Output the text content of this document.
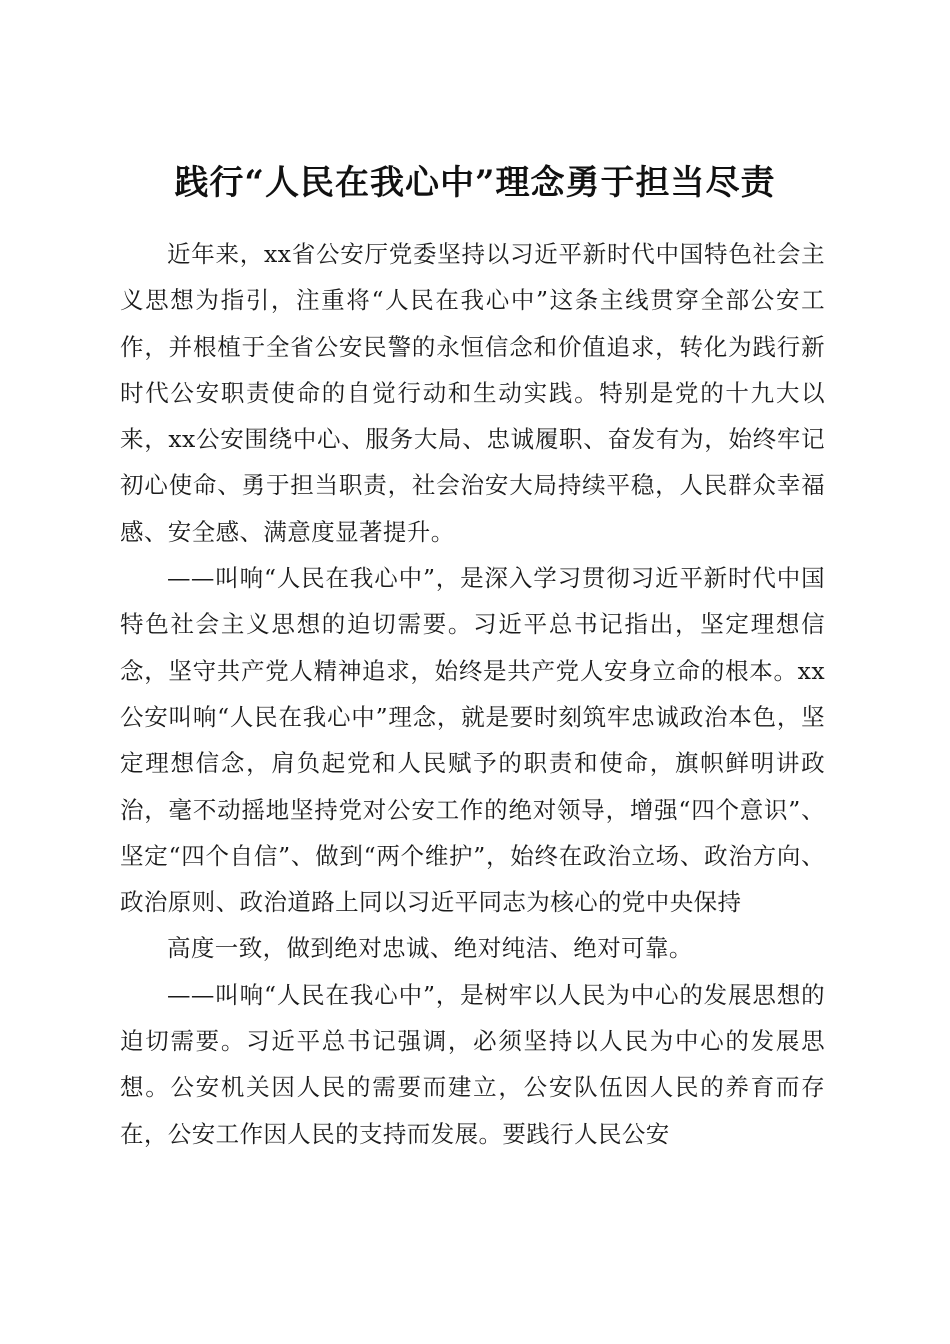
践行“人民在我心中”理念勇于担当尽责

近年来，xx省公安厅党委坚持以习近平新时代中国特色社会主义思想为指引，注重将“人民在我心中”这条主线贯穿全部公安工作，并根植于全省公安民警的永恒信念和价值追求，转化为践行新时代公安职责使命的自觉行动和生动实践。特别是党的十九大以来，xx公安围绕中心、服务大局、忠诚履职、奋发有为，始终牢记初心使命、勇于担当职责，社会治安大局持续平稳，人民群众幸福感、安全感、满意度显著提升。

——叫响“人民在我心中”，是深入学习贯彻习近平新时代中国特色社会主义思想的迫切需要。习近平总书记指出，坚定理想信念，坚守共产党人精神追求，始终是共产党人安身立命的根本。xx公安叫响“人民在我心中”理念，就是要时刻筑牢忠诚政治本色，坚定理想信念，肩负起党和人民赋予的职责和使命，旗帜鲜明讲政治，毫不动摇地坚持党对公安工作的绝对领导，增强“四个意识”、坚定“四个自信”、做到“两个维护”，始终在政治立场、政治方向、政治原则、政治道路上同以习近平同志为核心的党中央保持

高度一致，做到绝对忠诚、绝对纯洁、绝对可靠。

——叫响“人民在我心中”，是树牢以人民为中心的发展思想的迫切需要。习近平总书记强调，必须坚持以人民为中心的发展思想。公安机关因人民的需要而建立，公安队伍因人民的养育而存在，公安工作因人民的支持而发展。要践行人民公安
